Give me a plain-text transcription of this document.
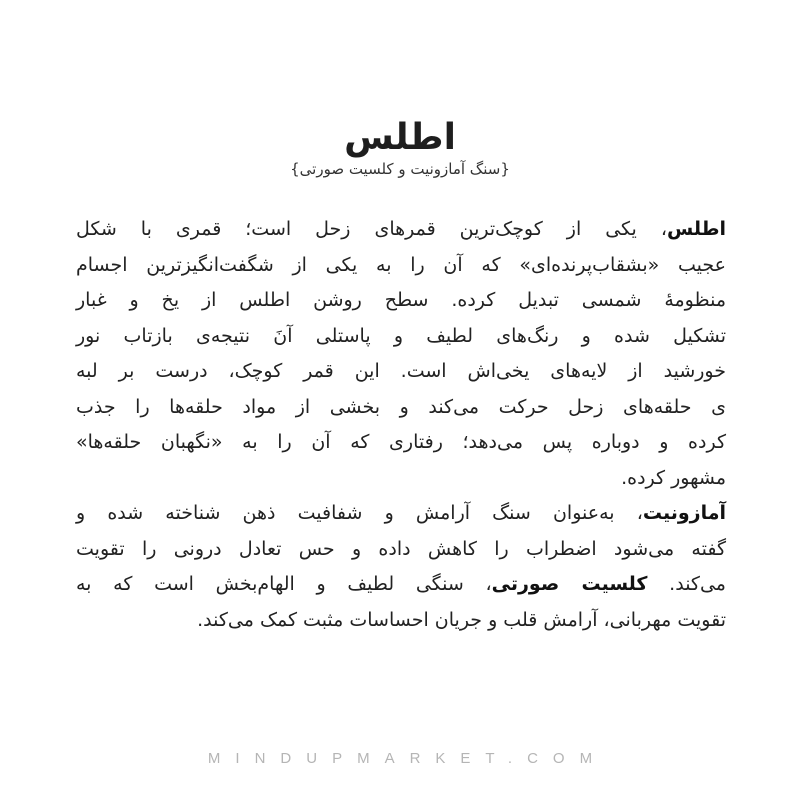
اطلس
{سنگ آمازونیت و کلسیت صورتی}
اطلس، یکی از کوچک‌ترین قمرهای زحل است؛ قمری با شکل
عجیب «بشقاب‌پرنده‌ای» که آن را به یکی از شگفت‌انگیزترین اجسام
منظومهٔ شمسی تبدیل کرده. سطح روشن اطلس از یخ و غبار
تشکیل شده و رنگ‌های لطیف و پاستلی آنَ نتیجه‌ی بازتاب نور
خورشید از لایه‌های یخی‌اش است. این قمر کوچک، درست بر لبه
ی حلقه‌های زحل حرکت می‌کند و بخشی از مواد حلقه‌ها را جذب
کرده و دوباره پس می‌دهد؛ رفتاری که آن را به «نگهبان حلقه‌ها»
مشهور کرده.
آمازونیت، به‌عنوان سنگ آرامش و شفافیت ذهن شناخته شده و
گفته می‌شود اضطراب را کاهش داده و حس تعادل درونی را تقویت
می‌کند. کلسیت صورتی، سنگی لطیف و الهام‌بخش است که به
تقویت مهربانی، آرامش قلب و جریان احساسات مثبت کمک می‌کند.
MINDUPMARKET.COM
